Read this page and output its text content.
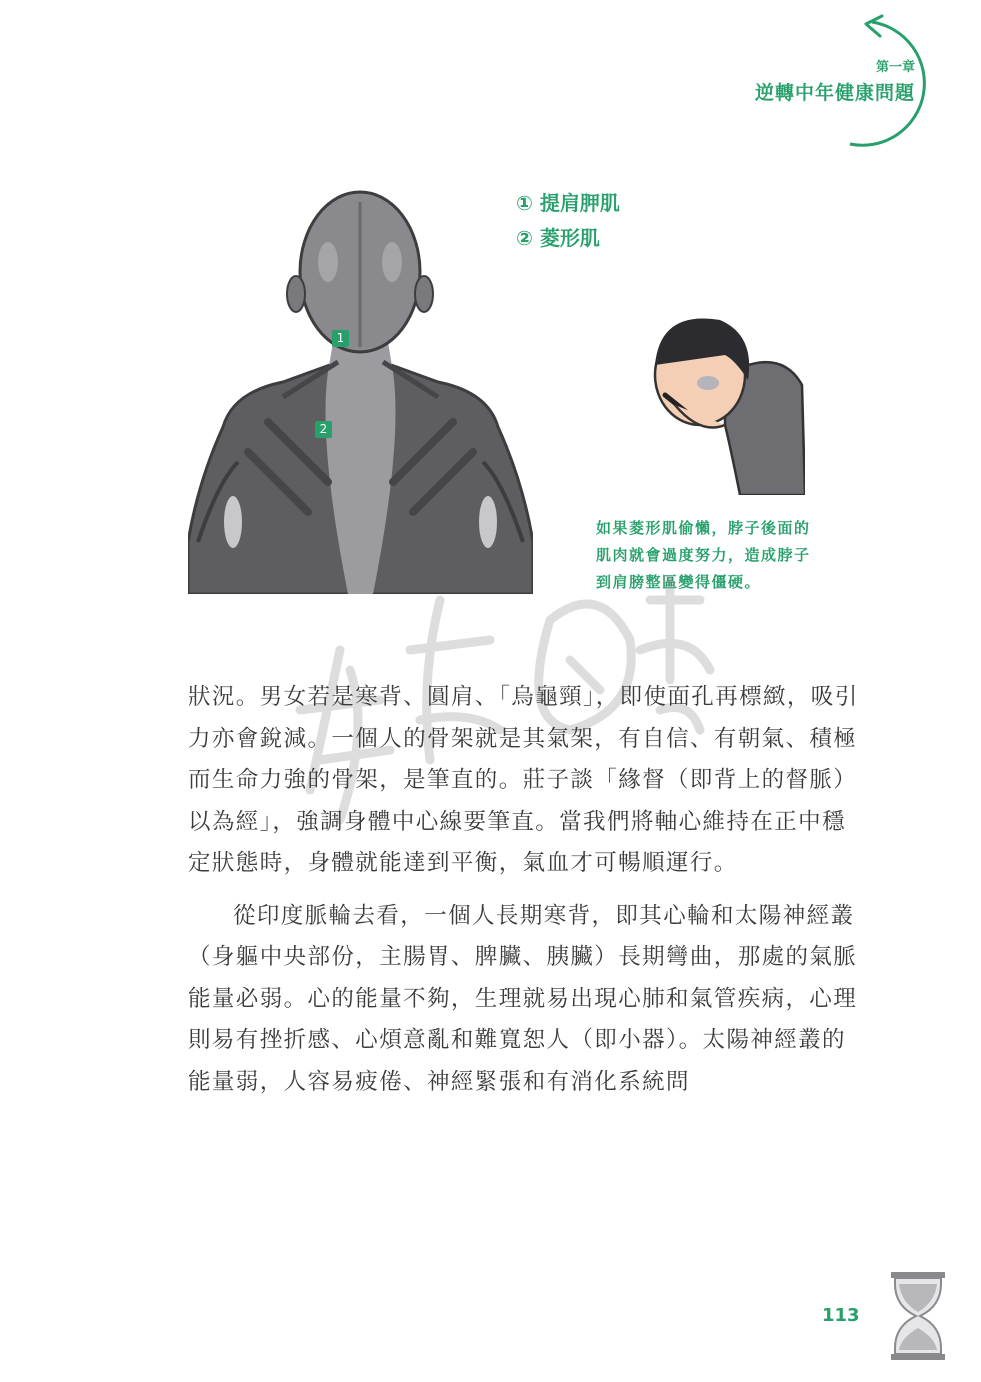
第一章
逆轉中年健康問題
1
2
① 提肩胛肌
② 菱形肌
如果菱形肌偷懶，脖子後面的
肌肉就會過度努力，造成脖子
到肩膀整區變得僵硬。

狀況。男女若是寒背、圓肩、「烏龜頸」，即使面孔再標緻，吸引力亦會銳減。一個人的骨架就是其氣架，有自信、有朝氣、積極而生命力強的骨架，是筆直的。莊子談「緣督（即背上的督脈）以為經」，強調身體中心線要筆直。當我們將軸心維持在正中穩定狀態時，身體就能達到平衡，氣血才可暢順運行。

從印度脈輪去看，一個人長期寒背，即其心輪和太陽神經叢（身軀中央部份，主腸胃、脾臟、胰臟）長期彎曲，那處的氣脈能量必弱。心的能量不夠，生理就易出現心肺和氣管疾病，心理則易有挫折感、心煩意亂和難寬恕人（即小器）。太陽神經叢的能量弱，人容易疲倦、神經緊張和有消化系統問

113
